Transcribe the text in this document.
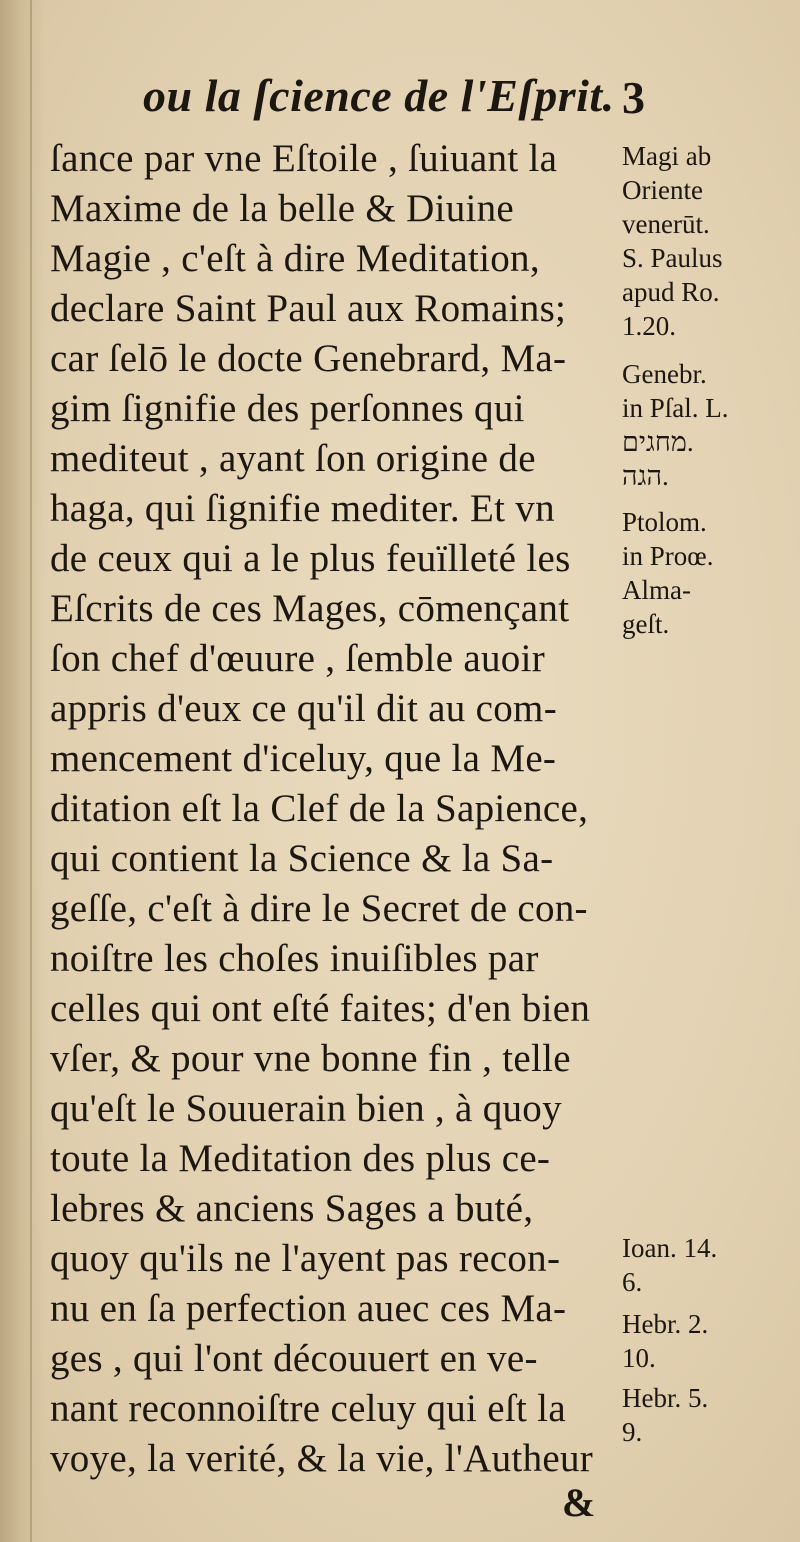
ou la ſcience de l'Eſprit. 3
ſance par vne Eſtoile , ſuiuant la
Maxime de la belle & Diuine
Magie , c'eſt à dire Meditation,
declare Saint Paul aux Romains;
car ſelō le docte Genebrard, Ma-
gim ſignifie des perſonnes qui
mediteut , ayant ſon origine de
haga, qui ſignifie mediter. Et vn
de ceux qui a le plus feuïlleté les
Eſcrits de ces Mages, cōmençant
ſon chef d'œuure , ſemble auoir
appris d'eux ce qu'il dit au com-
mencement d'iceluy, que la Me-
ditation eſt la Clef de la Sapience,
qui contient la Science & la Sa-
geſſe, c'eſt à dire le Secret de con-
noiſtre les choſes inuiſibles par
celles qui ont eſté faites; d'en bien
vſer, & pour vne bonne fin , telle
qu'eſt le Souuerain bien , à quoy
toute la Meditation des plus ce-
lebres & anciens Sages a buté,
quoy qu'ils ne l'ayent pas recon-
nu en ſa perfection auec ces Ma-
ges , qui l'ont découuert en ve-
nant reconnoiſtre celuy qui eſt la
voye, la verité, & la vie, l'Autheur
Magi ab
Oriente
venerūt.
S. Paulus
apud Ro.
1.20.
Genebr.
in Pſal. L.
מחגים.
הגה.
Ptolom.
in Proœ.
Alma-
geſt.
Ioan. 14.
6.
Hebr. 2.
10.
Hebr. 5.
9.
&
